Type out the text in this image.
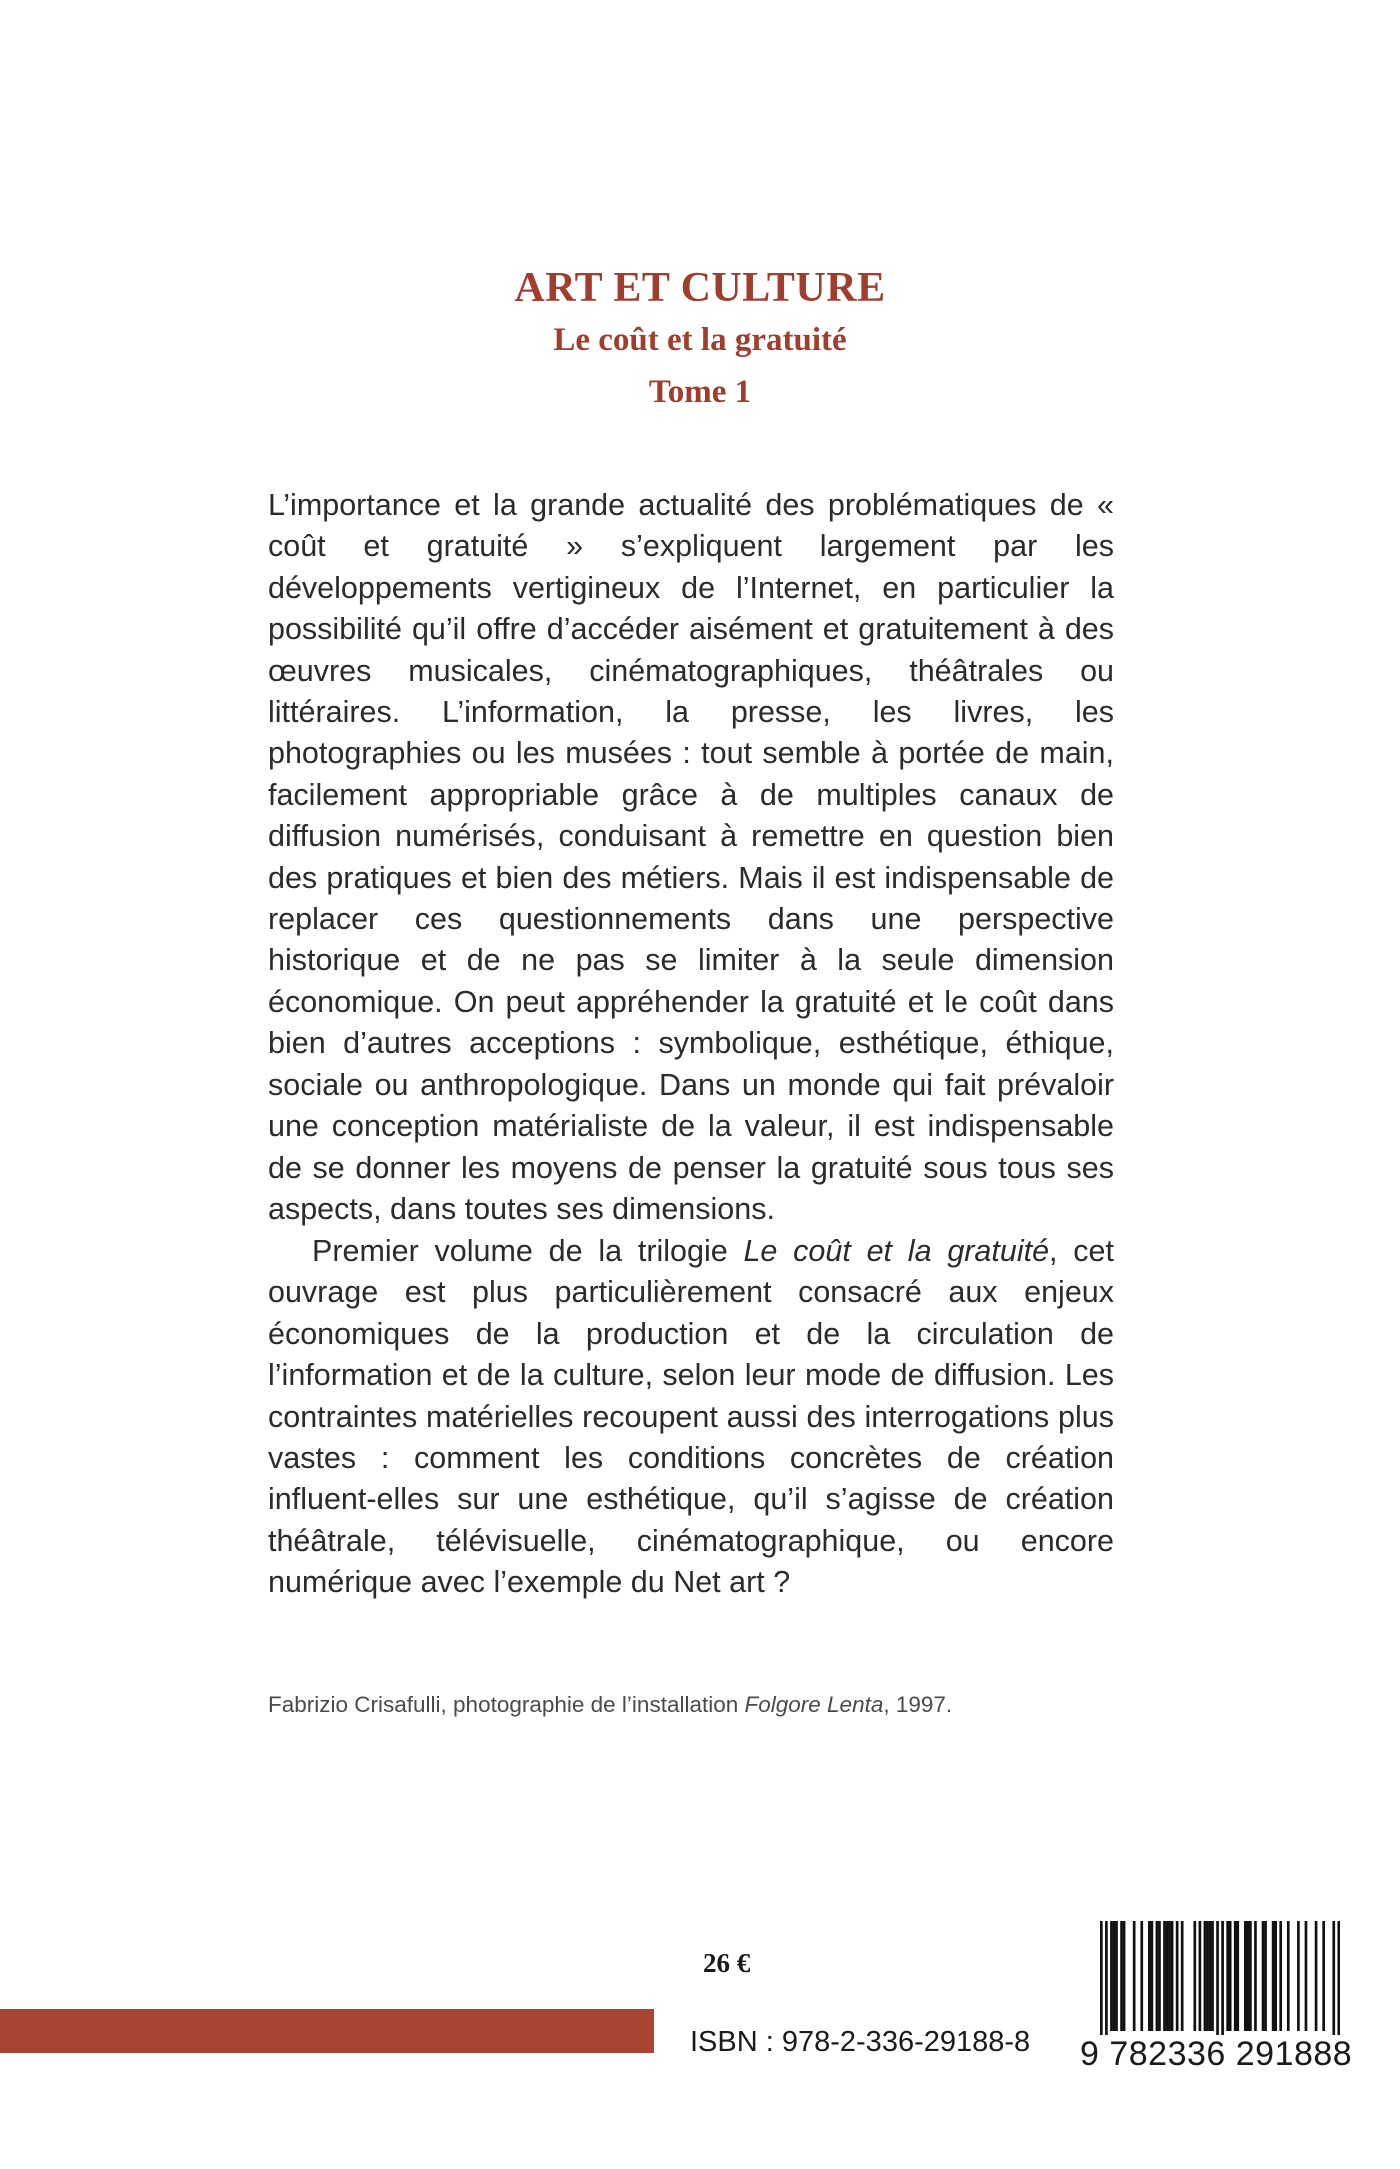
ART ET CULTURE
Le coût et la gratuité
Tome 1
L’importance et la grande actualité des problématiques de « coût et gratuité » s’expliquent largement par les développements vertigineux de l’Internet, en particulier la possibilité qu’il offre d’accéder aisément et gratuitement à des œuvres musicales, cinématographiques, théâtrales ou littéraires. L’information, la presse, les livres, les photographies ou les musées : tout semble à portée de main, facilement appropriable grâce à de multiples canaux de diffusion numérisés, conduisant à remettre en question bien des pratiques et bien des métiers. Mais il est indispensable de replacer ces questionnements dans une perspective historique et de ne pas se limiter à la seule dimension économique. On peut appréhender la gratuité et le coût dans bien d’autres acceptions : symbolique, esthétique, éthique, sociale ou anthropologique. Dans un monde qui fait prévaloir une conception matérialiste de la valeur, il est indispensable de se donner les moyens de penser la gratuité sous tous ses aspects, dans toutes ses dimensions.
Premier volume de la trilogie Le coût et la gratuité, cet ouvrage est plus particulièrement consacré aux enjeux économiques de la production et de la circulation de l’information et de la culture, selon leur mode de diffusion. Les contraintes matérielles recoupent aussi des interrogations plus vastes : comment les conditions concrètes de création influent-elles sur une esthétique, qu’il s’agisse de création théâtrale, télévisuelle, cinématographique, ou encore numérique avec l’exemple du Net art ?
Fabrizio Crisafulli, photographie de l’installation Folgore Lenta, 1997.
26 €
ISBN : 978-2-336-29188-8 9 782336 291888
